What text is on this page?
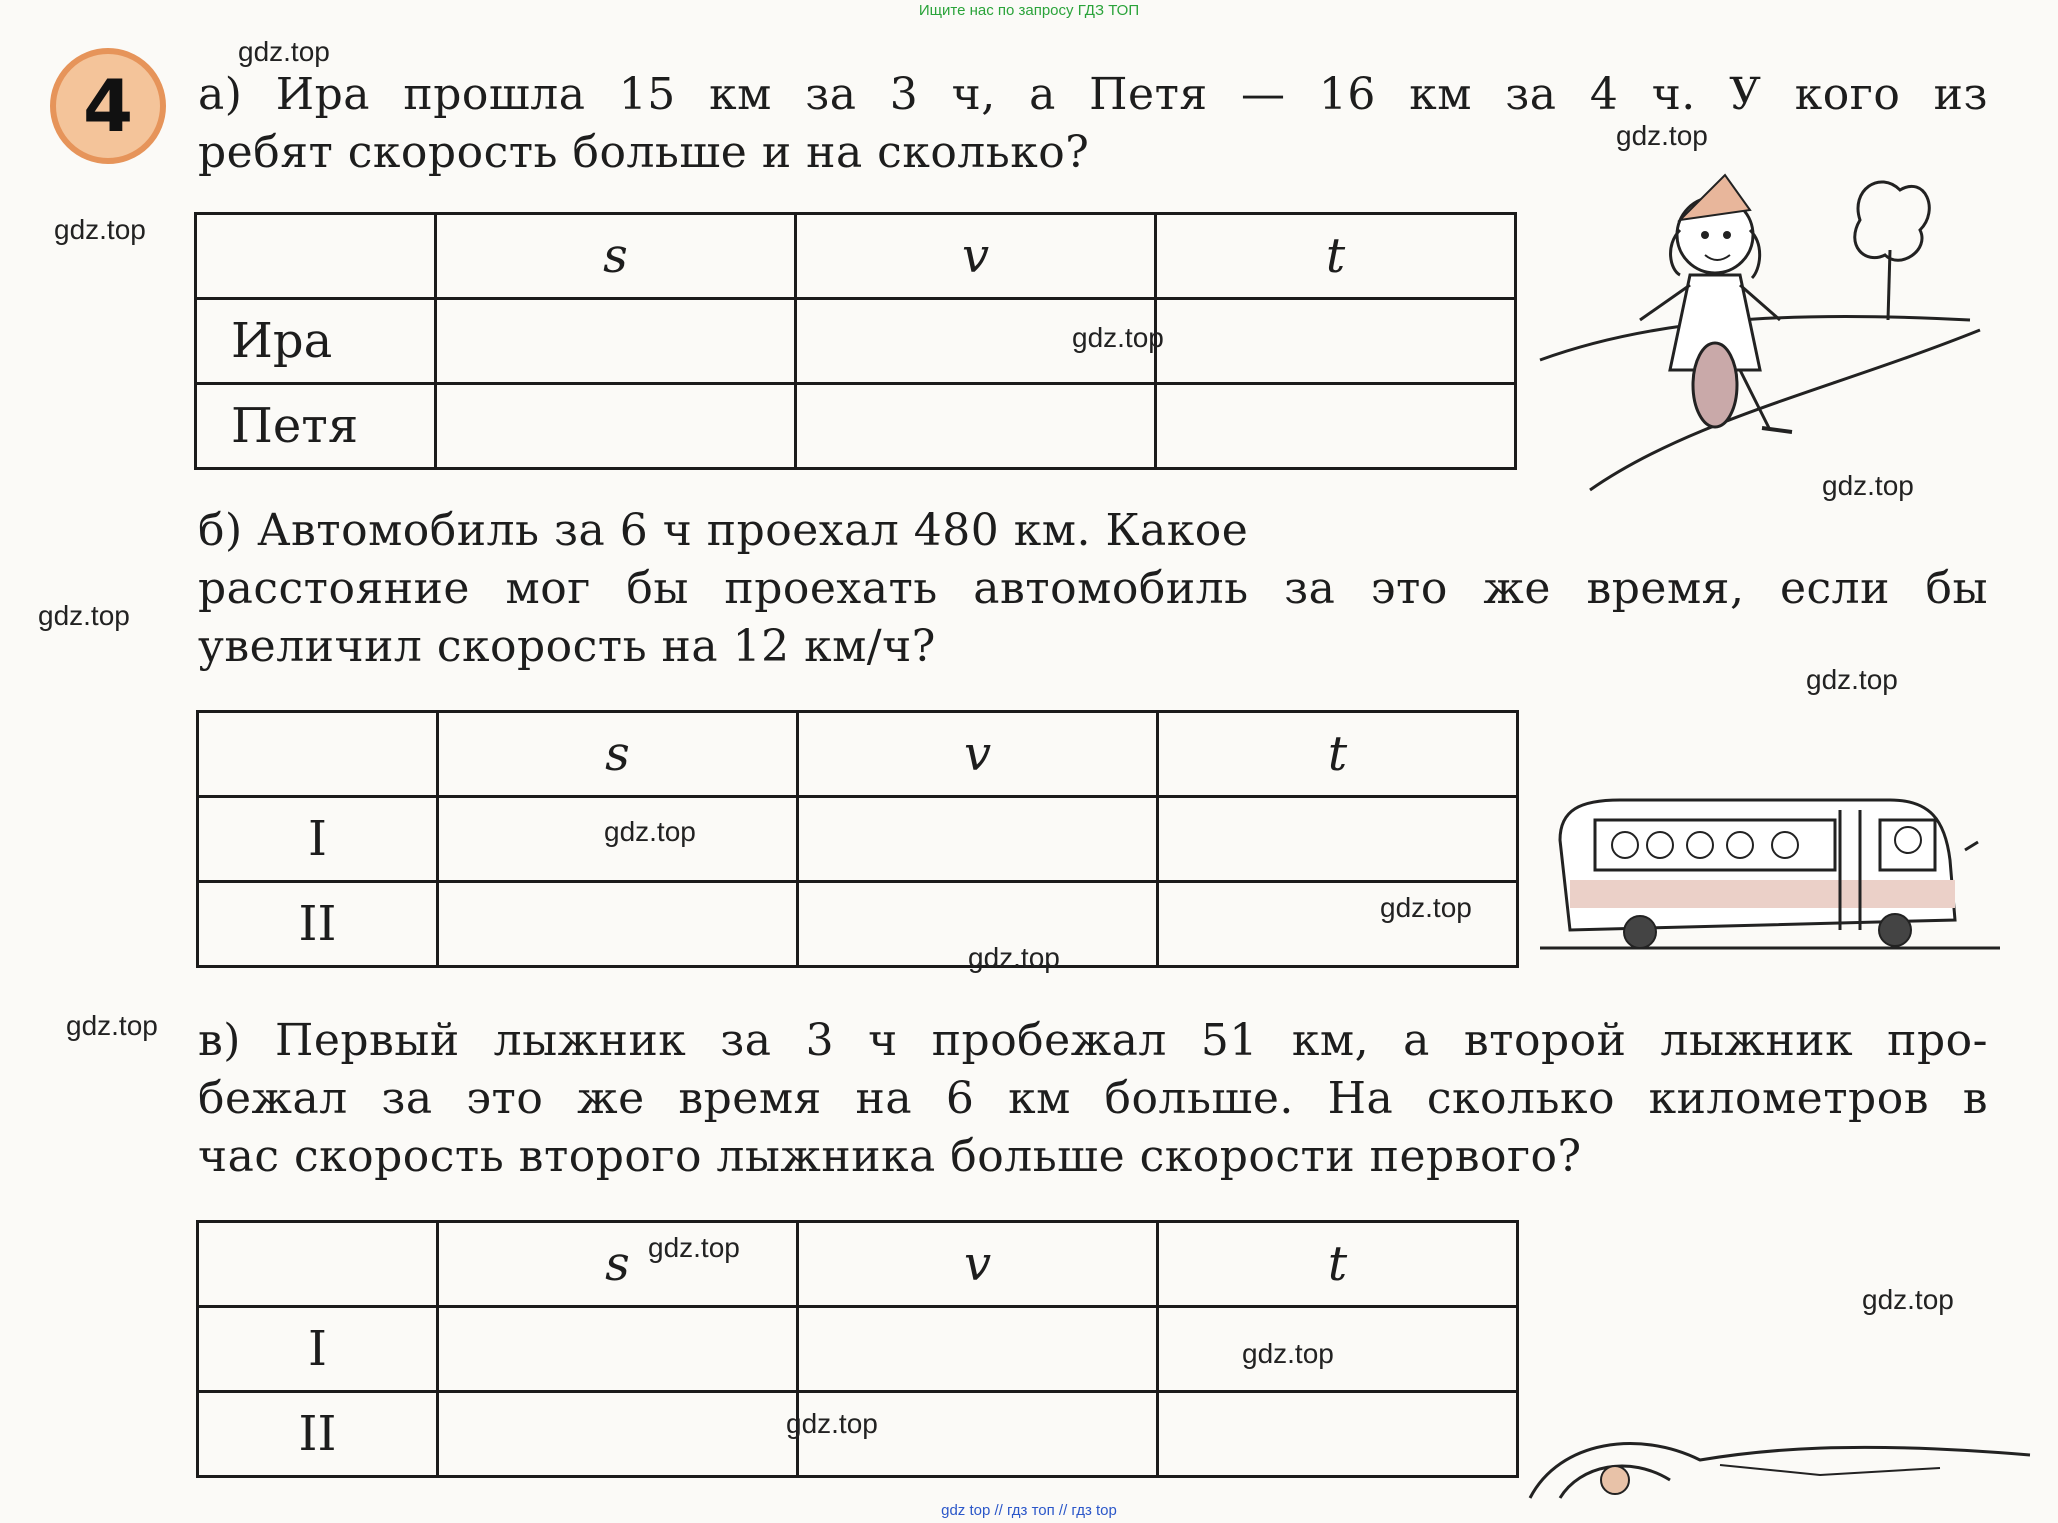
Ищите нас по запросу ГДЗ ТОП
4 а) Ира прошла 15 км за 3 ч, а Петя — 16 км за 4 ч. У кого из
ребят скорость больше и на сколько?
	s	v	t
Ира			
Петя			
б) Автомобиль за 6 ч проехал 480 км. Какое
расстояние мог бы проехать автомобиль за это же время, если бы
увеличил скорость на 12 км/ч?
	s	v	t
I			
II			
в) Первый лыжник за 3 ч пробежал 51 км, а второй лыжник про-
бежал за это же время на 6 км больше. На сколько километров в
час скорость второго лыжника больше скорости первого?
	s	v	t
I			
II			
gdz.top
gdz.top
gdz.top
gdz.top
gdz.top
gdz.top
gdz.top
gdz.top
gdz.top
gdz.top
gdz.top
gdz.top
gdz.top
gdz.top
gdz.top
gdz top // гдз топ // гдз top
